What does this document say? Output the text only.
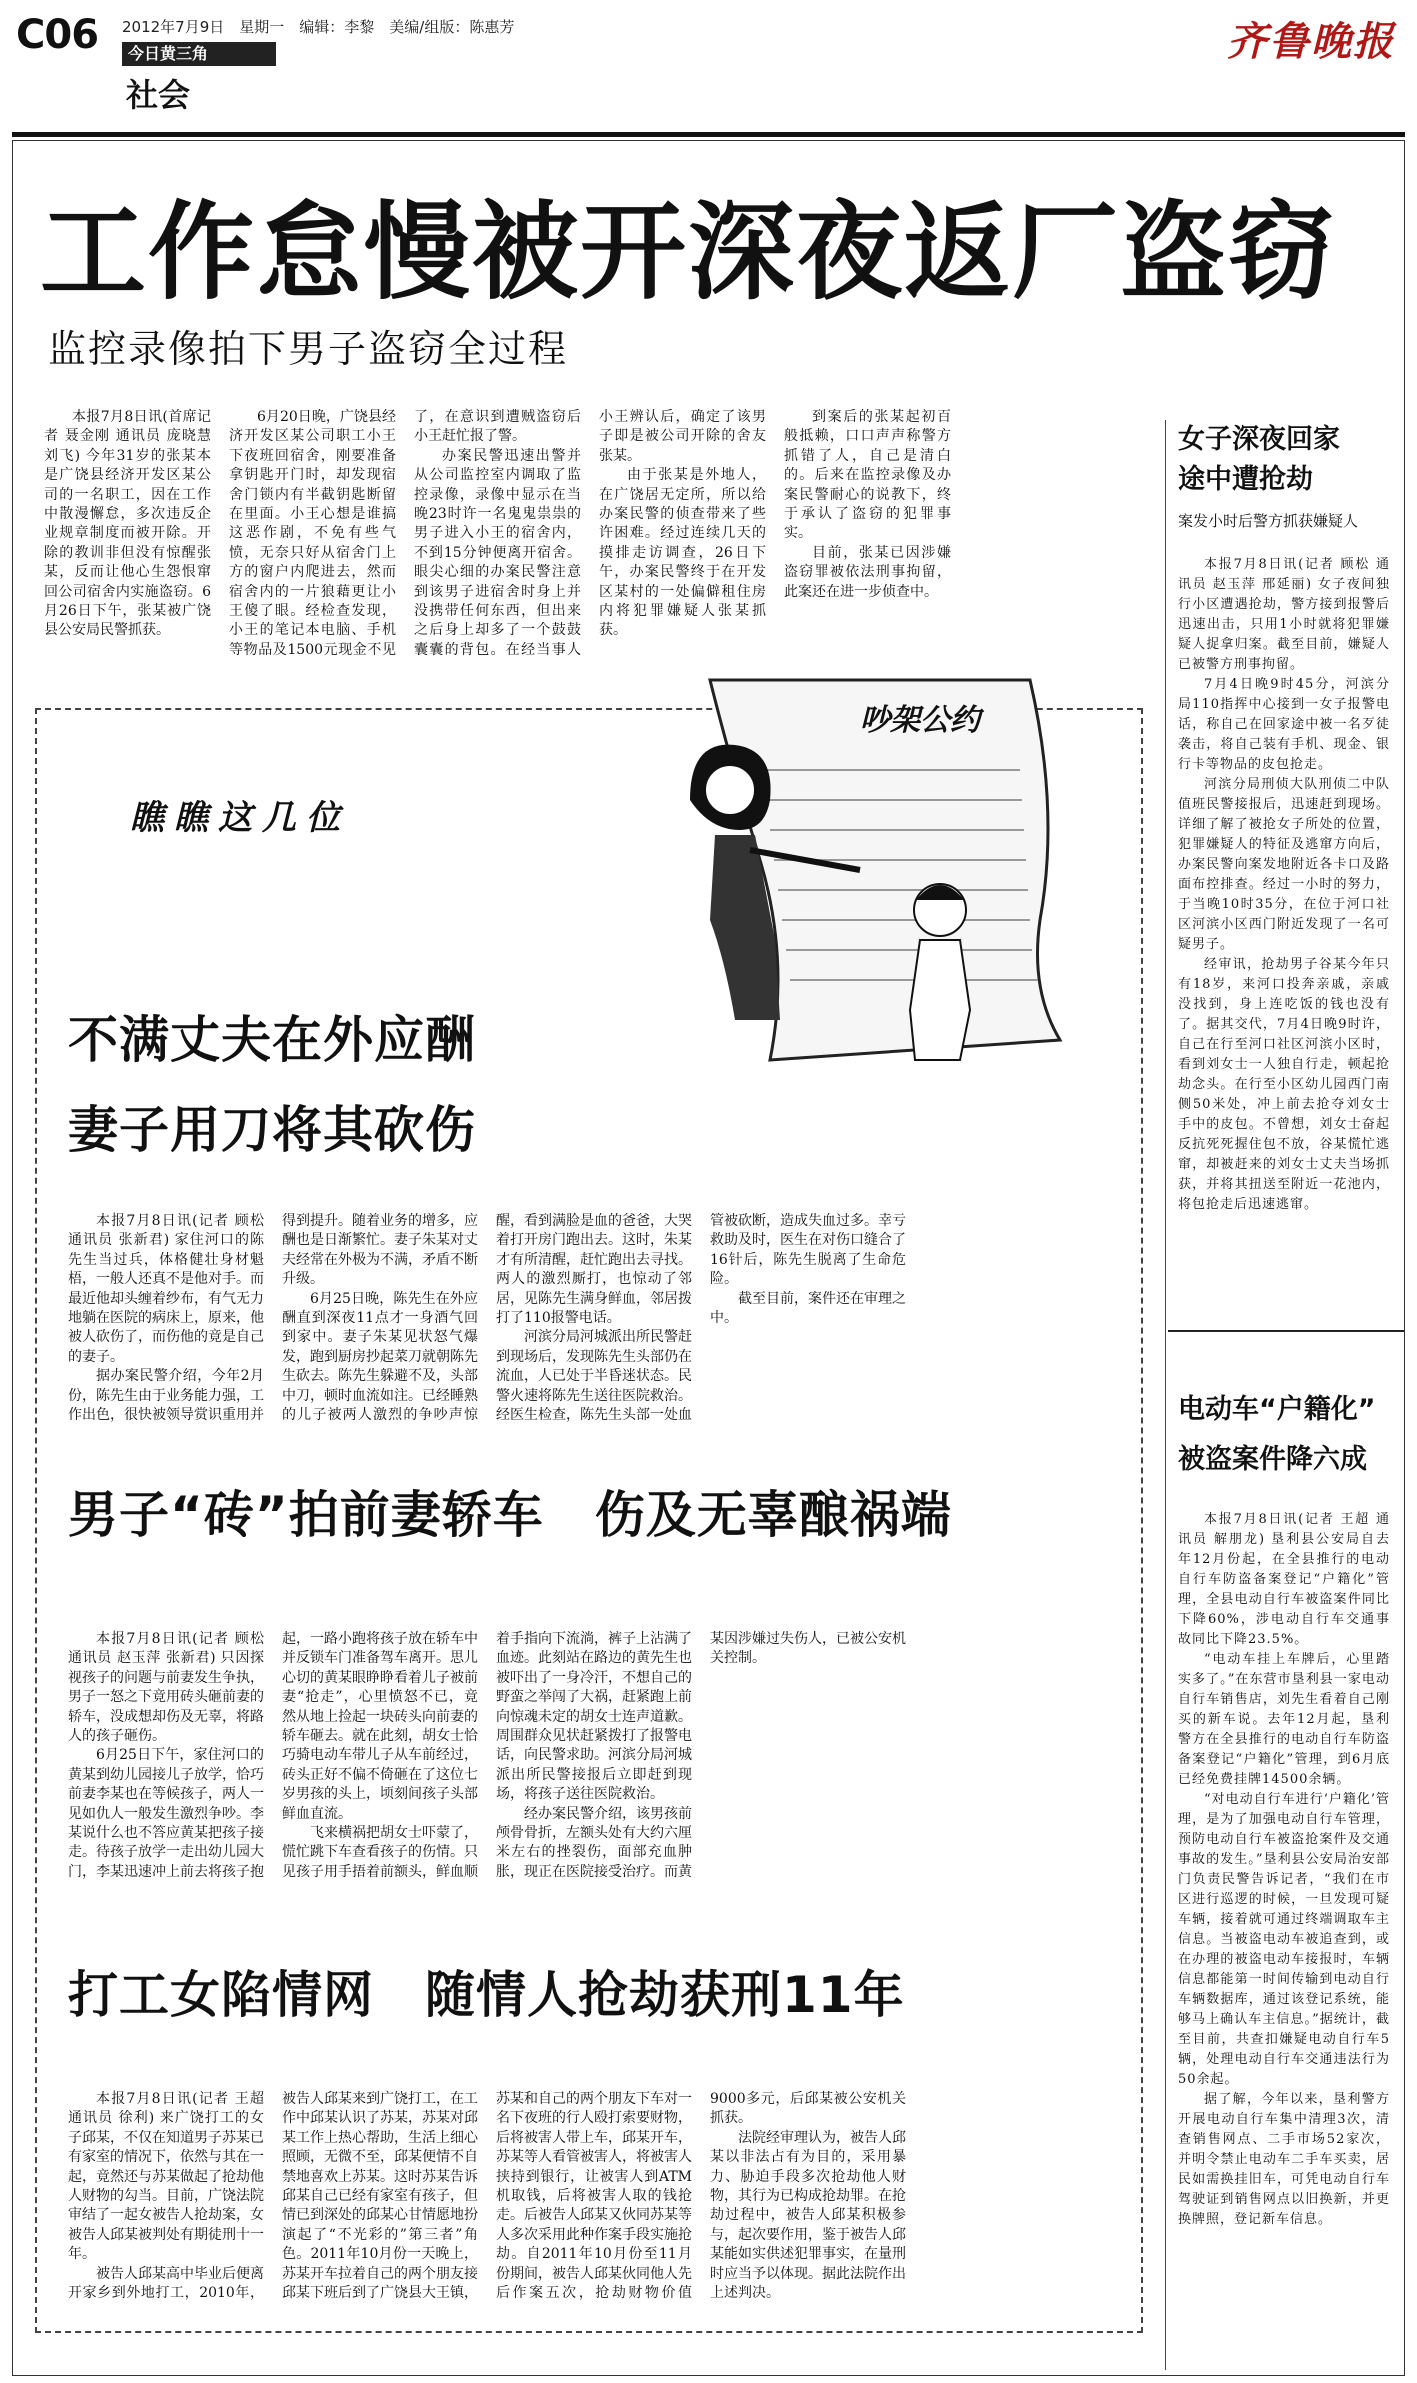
C06 2012年7月9日　星期一　编辑：李黎　美编/组版：陈惠芳
今日黄三角
社会
齐鲁晚报
工作怠慢被开深夜返厂盗窃
监控录像拍下男子盗窃全过程

本报7月8日讯(首席记者 聂金刚 通讯员 庞晓慧 刘飞) 今年31岁的张某本是广饶县经济开发区某公司的一名职工，因在工作中散漫懈怠，多次违反企业规章制度而被开除。开除的教训非但没有惊醒张某，反而让他心生怨恨窜回公司宿舍内实施盗窃。6月26日下午，张某被广饶县公安局民警抓获。

6月20日晚，广饶县经济开发区某公司职工小王下夜班回宿舍，刚要准备拿钥匙开门时，却发现宿舍门锁内有半截钥匙断留在里面。小王心想是谁搞这恶作剧，不免有些气愤，无奈只好从宿舍门上方的窗户内爬进去，然而宿舍内的一片狼藉更让小王傻了眼。经检查发现，小王的笔记本电脑、手机等物品及1500元现金不见了，在意识到遭贼盗窃后小王赶忙报了警。

办案民警迅速出警并从公司监控室内调取了监控录像，录像中显示在当晚23时许一名鬼鬼祟祟的男子进入小王的宿舍内，不到15分钟便离开宿舍。眼尖心细的办案民警注意到该男子进宿舍时身上并没携带任何东西，但出来之后身上却多了一个鼓鼓囊囊的背包。在经当事人小王辨认后，确定了该男子即是被公司开除的舍友张某。

由于张某是外地人，在广饶居无定所，所以给办案民警的侦查带来了些许困难。经过连续几天的摸排走访调查，26日下午，办案民警终于在开发区某村的一处偏僻租住房内将犯罪嫌疑人张某抓获。

到案后的张某起初百般抵赖，口口声声称警方抓错了人，自己是清白的。后来在监控录像及办案民警耐心的说教下，终于承认了盗窃的犯罪事实。

目前，张某已因涉嫌盗窃罪被依法刑事拘留，此案还在进一步侦查中。

瞧瞧这几位
吵架公约
不满丈夫在外应酬
妻子用刀将其砍伤

本报7月8日讯(记者 顾松 通讯员 张新君) 家住河口的陈先生当过兵，体格健壮身材魁梧，一般人还真不是他对手。而最近他却头缠着纱布，有气无力地躺在医院的病床上，原来，他被人砍伤了，而伤他的竟是自己的妻子。

据办案民警介绍，今年2月份，陈先生由于业务能力强，工作出色，很快被领导赏识重用并得到提升。随着业务的增多，应酬也是日渐繁忙。妻子朱某对丈夫经常在外极为不满，矛盾不断升级。

6月25日晚，陈先生在外应酬直到深夜11点才一身酒气回到家中。妻子朱某见状怒气爆发，跑到厨房抄起菜刀就朝陈先生砍去。陈先生躲避不及，头部中刀，顿时血流如注。已经睡熟的儿子被两人激烈的争吵声惊醒，看到满脸是血的爸爸，大哭着打开房门跑出去。这时，朱某才有所清醒，赶忙跑出去寻找。两人的激烈厮打，也惊动了邻居，见陈先生满身鲜血，邻居拨打了110报警电话。

河滨分局河城派出所民警赶到现场后，发现陈先生头部仍在流血，人已处于半昏迷状态。民警火速将陈先生送往医院救治。经医生检查，陈先生头部一处血管被砍断，造成失血过多。幸亏救助及时，医生在对伤口缝合了16针后，陈先生脱离了生命危险。

截至目前，案件还在审理之中。

男子“砖”拍前妻轿车　伤及无辜酿祸端

本报7月8日讯(记者 顾松 通讯员 赵玉萍 张新君) 只因探视孩子的问题与前妻发生争执，男子一怒之下竟用砖头砸前妻的轿车，没成想却伤及无辜，将路人的孩子砸伤。

6月25日下午，家住河口的黄某到幼儿园接儿子放学，恰巧前妻李某也在等候孩子，两人一见如仇人一般发生激烈争吵。李某说什么也不答应黄某把孩子接走。待孩子放学一走出幼儿园大门，李某迅速冲上前去将孩子抱起，一路小跑将孩子放在轿车中并反锁车门准备驾车离开。思儿心切的黄某眼睁睁看着儿子被前妻“抢走”，心里愤怒不已，竟然从地上捡起一块砖头向前妻的轿车砸去。就在此刻，胡女士恰巧骑电动车带儿子从车前经过，砖头正好不偏不倚砸在了这位七岁男孩的头上，顷刻间孩子头部鲜血直流。

飞来横祸把胡女士吓蒙了，慌忙跳下车查看孩子的伤情。只见孩子用手捂着前额头，鲜血顺着手指向下流淌，裤子上沾满了血迹。此刻站在路边的黄先生也被吓出了一身冷汗，不想自己的野蛮之举闯了大祸，赶紧跑上前向惊魂未定的胡女士连声道歉。周围群众见状赶紧拨打了报警电话，向民警求助。河滨分局河城派出所民警接报后立即赶到现场，将孩子送往医院救治。

经办案民警介绍，该男孩前颅骨骨折，左额头处有大约六厘米左右的挫裂伤，面部充血肿胀，现正在医院接受治疗。而黄某因涉嫌过失伤人，已被公安机关控制。

打工女陷情网　随情人抢劫获刑11年

本报7月8日讯(记者 王超 通讯员 徐利) 来广饶打工的女子邱某，不仅在知道男子苏某已有家室的情况下，依然与其在一起，竟然还与苏某做起了抢劫他人财物的勾当。目前，广饶法院审结了一起女被告人抢劫案，女被告人邱某被判处有期徒刑十一年。

被告人邱某高中毕业后便离开家乡到外地打工，2010年，被告人邱某来到广饶打工，在工作中邱某认识了苏某，苏某对邱某工作上热心帮助，生活上细心照顾，无微不至，邱某便情不自禁地喜欢上苏某。这时苏某告诉邱某自己已经有家室有孩子，但情已到深处的邱某心甘情愿地扮演起了“不光彩的”第三者”角色。2011年10月份一天晚上，苏某开车拉着自己的两个朋友接邱某下班后到了广饶县大王镇，苏某和自己的两个朋友下车对一名下夜班的行人殴打索要财物，后将被害人带上车，邱某开车，苏某等人看管被害人，将被害人挟持到银行，让被害人到ATM机取钱，后将被害人取的钱抢走。后被告人邱某又伙同苏某等人多次采用此种作案手段实施抢劫。自2011年10月份至11月份期间，被告人邱某伙同他人先后作案五次，抢劫财物价值9000多元，后邱某被公安机关抓获。

法院经审理认为，被告人邱某以非法占有为目的，采用暴力、胁迫手段多次抢劫他人财物，其行为已构成抢劫罪。在抢劫过程中，被告人邱某积极参与，起次要作用，鉴于被告人邱某能如实供述犯罪事实，在量刑时应当予以体现。据此法院作出上述判决。

女子深夜回家
途中遭抢劫
案发小时后警方抓获嫌疑人

本报7月8日讯(记者 顾松 通讯员 赵玉萍 邢延丽) 女子夜间独行小区遭遇抢劫，警方接到报警后迅速出击，只用1小时就将犯罪嫌疑人捉拿归案。截至目前，嫌疑人已被警方刑事拘留。

7月4日晚9时45分，河滨分局110指挥中心接到一女子报警电话，称自己在回家途中被一名歹徒袭击，将自己装有手机、现金、银行卡等物品的皮包抢走。

河滨分局刑侦大队刑侦二中队值班民警接报后，迅速赶到现场。详细了解了被抢女子所处的位置，犯罪嫌疑人的特征及逃窜方向后，办案民警向案发地附近各卡口及路面布控排查。经过一小时的努力，于当晚10时35分，在位于河口社区河滨小区西门附近发现了一名可疑男子。

经审讯，抢劫男子谷某今年只有18岁，来河口投奔亲戚，亲戚没找到，身上连吃饭的钱也没有了。据其交代，7月4日晚9时许，自己在行至河口社区河滨小区时，看到刘女士一人独自行走，顿起抢劫念头。在行至小区幼儿园西门南侧50米处，冲上前去抢夺刘女士手中的皮包。不曾想，刘女士奋起反抗死死握住包不放，谷某慌忙逃窜，却被赶来的刘女士丈夫当场抓获，并将其扭送至附近一花池内，将包抢走后迅速逃窜。

电动车“户籍化”
被盗案件降六成

本报7月8日讯(记者 王超 通讯员 解朋龙) 垦利县公安局自去年12月份起，在全县推行的电动自行车防盗备案登记“户籍化”管理，全县电动自行车被盗案件同比下降60%，涉电动自行车交通事故同比下降23.5%。

“电动车挂上车牌后，心里踏实多了。”在东营市垦利县一家电动自行车销售店，刘先生看着自己刚买的新车说。去年12月起，垦利警方在全县推行的电动自行车防盗备案登记“户籍化”管理，到6月底已经免费挂牌14500余辆。

“对电动自行车进行‘户籍化’管理，是为了加强电动自行车管理，预防电动自行车被盗抢案件及交通事故的发生。”垦利县公安局治安部门负责民警告诉记者，“我们在市区进行巡逻的时候，一旦发现可疑车辆，接着就可通过终端调取车主信息。当被盗电动车被追查到，或在办理的被盗电动车接报时，车辆信息都能第一时间传输到电动自行车辆数据库，通过该登记系统，能够马上确认车主信息。”据统计，截至目前，共查扣嫌疑电动自行车5辆，处理电动自行车交通违法行为50余起。

据了解，今年以来，垦利警方开展电动自行车集中清理3次，清查销售网点、二手市场52家次，并明令禁止电动车二手车买卖，居民如需换挂旧车，可凭电动自行车驾驶证到销售网点以旧换新，并更换牌照，登记新车信息。
